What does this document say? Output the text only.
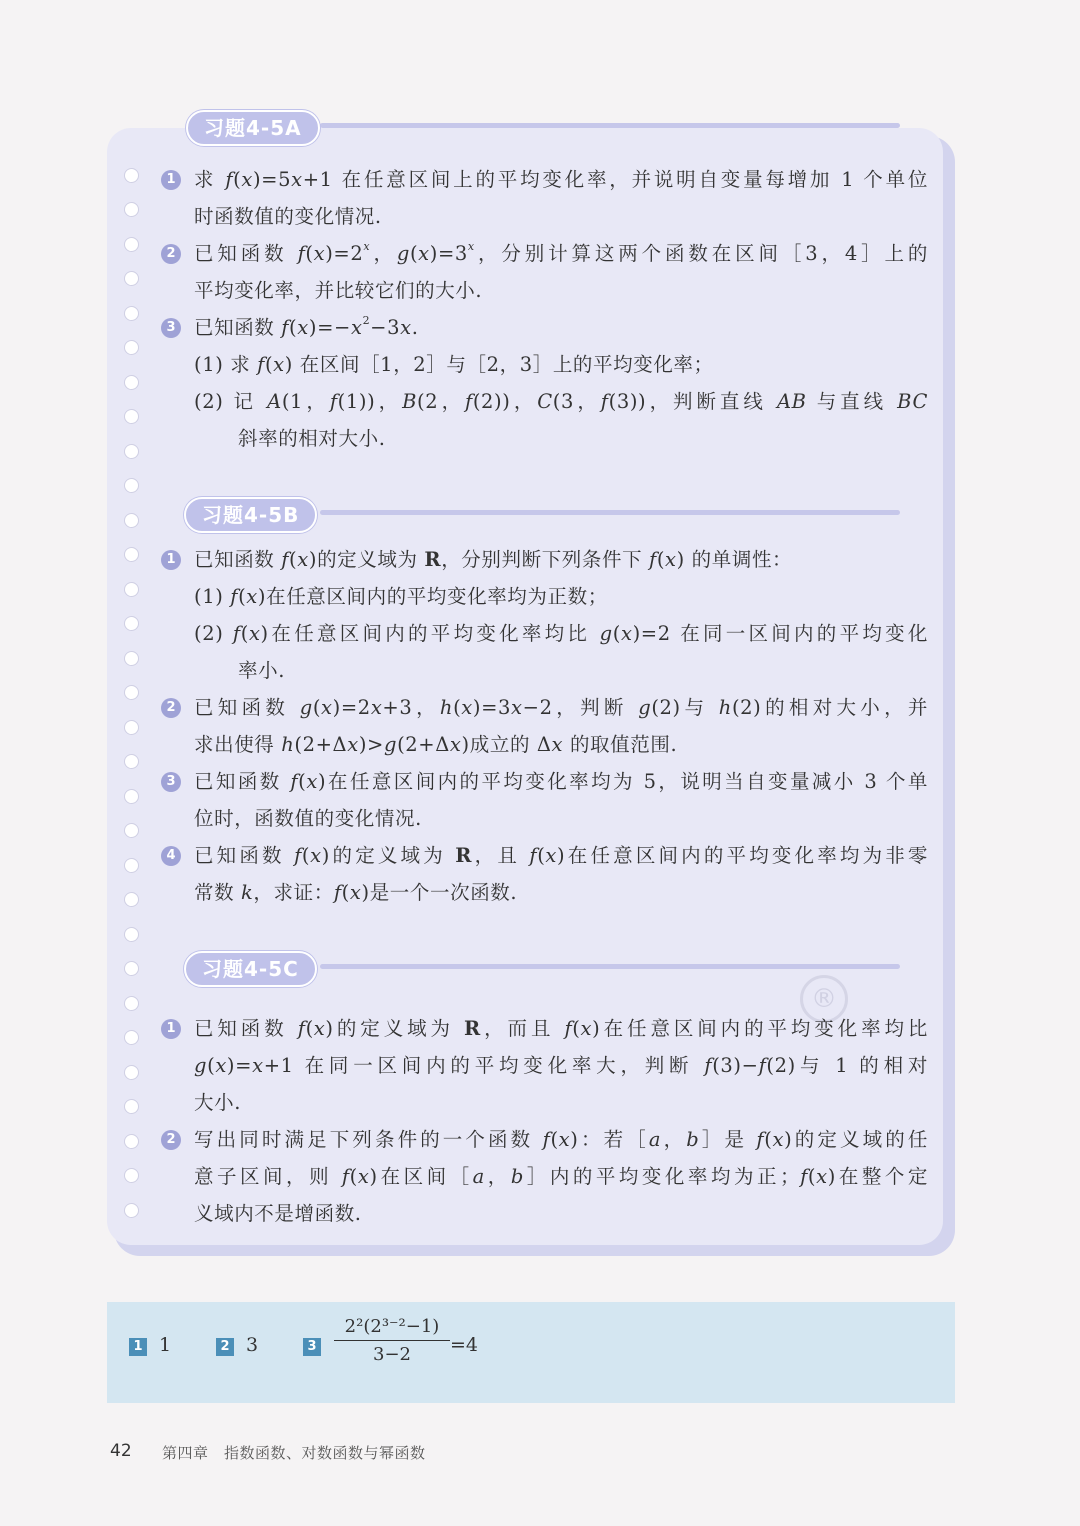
®
习题4-5A
1 求 f(x)=5x+1 在任意区间上的平均变化率，并说明自变量每增加 1 个单位
时函数值的变化情况.
2 已知函数 $f(x)=2^x$，$g(x)=3^x$，分别计算这两个函数在区间［3，4］上的
平均变化率，并比较它们的大小.
3 已知函数 $f(x)=-x^2-3x$.
(1) 求 f(x) 在区间［1，2］与［2，3］上的平均变化率；
(2) 记 A(1，f(1))，B(2，f(2))，C(3，f(3))，判断直线 AB 与直线 BC
斜率的相对大小.
习题4-5B
1 已知函数 f(x)的定义域为 R，分别判断下列条件下 f(x) 的单调性：
(1) f(x)在任意区间内的平均变化率均为正数；
(2) f(x)在任意区间内的平均变化率均比 g(x)=2 在同一区间内的平均变化
率小.
2 已知函数 g(x)=2x+3，h(x)=3x−2，判断 g(2)与 h(2)的相对大小，并
求出使得 h(2+Δx)>g(2+Δx)成立的 Δx 的取值范围.
3 已知函数 f(x)在任意区间内的平均变化率均为 5，说明当自变量减小 3 个单
位时，函数值的变化情况.
4 已知函数 f(x)的定义域为 R，且 f(x)在任意区间内的平均变化率均为非零
常数 k，求证：f(x)是一个一次函数.
习题4-5C
1 已知函数 f(x)的定义域为 R，而且 f(x)在任意区间内的平均变化率均比
g(x)=x+1 在同一区间内的平均变化率大，判断 f(3)−f(2)与 1 的相对
大小.
2 写出同时满足下列条件的一个函数 f(x)：若［a，b］是 f(x)的定义域的任
意子区间，则 f(x)在区间［a，b］内的平均变化率均为正；f(x)在整个定
义域内不是增函数.
1 1	2 3	$3 \frac{\text{2²(2³⁻²−1)}}{3-2} =4$
42 第四章　指数函数、对数函数与幂函数
